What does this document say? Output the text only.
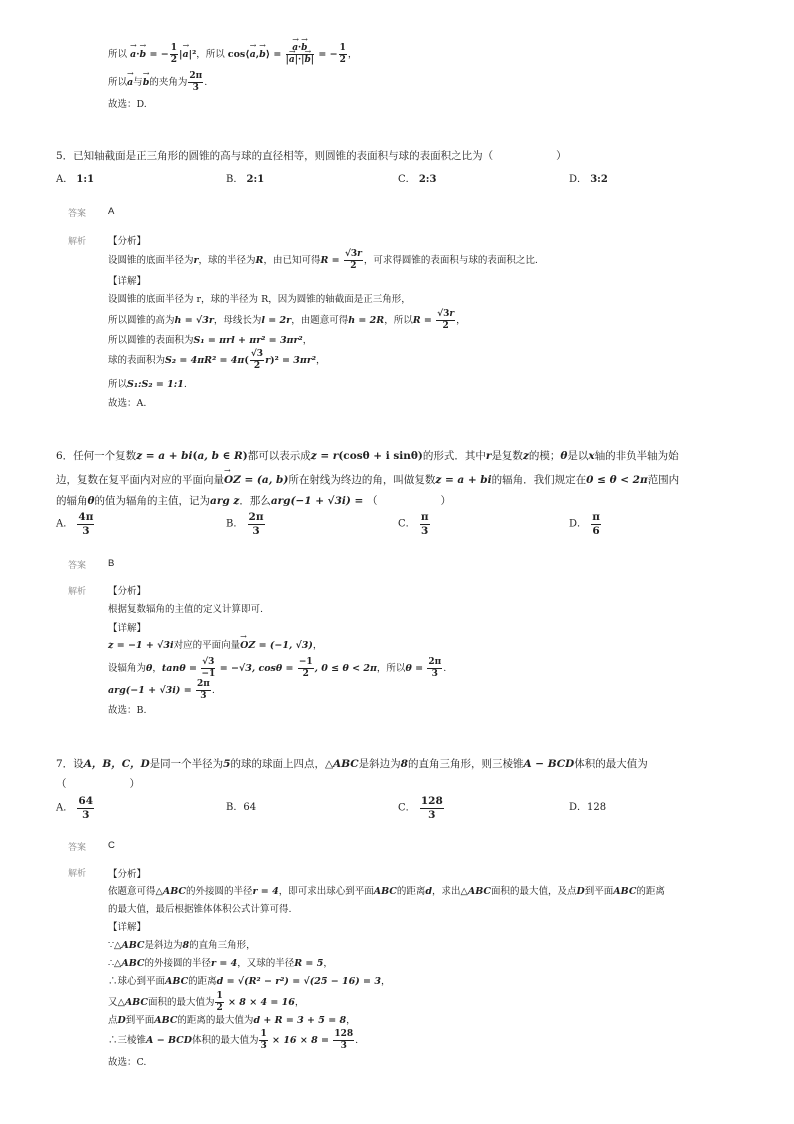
所以 → a·→ b = − $\frac{1}{2}$ |→ a|²，所以 cos⟨→ a,→ b⟩ = → $\frac{a\cdot\to b}{|\to a|\cdot|\to b|}$ = − $\frac{1}{2}$ ，
所以→ a与→ b的夹角为 $\frac{2\pi}{3}$ .
故选：D.
5．已知轴截面是正三角形的圆锥的高与球的直径相等，则圆锥的表面积与球的表面积之比为（　　　　　　）
A． 1:1	B． 2:1	C． 2:3	D． 3:2
答案 A
解析 【分析】
设圆锥的底面半径为r，球的半径为R，由已知可得$R = \frac{√3r}{2}$ ，可求得圆锥的表面积与球的表面积之比.
【详解】
设圆锥的底面半径为 r，球的半径为 R，因为圆锥的轴截面是正三角形，
所以圆锥的高为h = √3r，母线长为l = 2r，由题意可得h = 2R，所以$R = \frac{√3r}{2}$ ，
所以圆锥的表面积为S₁ = πrl + πr² = 3πr²，
球的表面积为$S_2 = 4\pi R^2 = 4\pi( \frac{√3}{2} r)^2 = 3\pi r^2$，
所以S₁:S₂ = 1:1.
故选：A.
6．任何一个复数z = a + bi(a, b ∈ R)都可以表示成z = r(cosθ + i sinθ)的形式．其中r是复数z的模；θ是以x轴的非负半轴为始
边，复数在复平面内对应的平面向量→ OZ = (a, b)所在射线为终边的角，叫做复数z = a + bi的辐角．我们规定在0 ≤ θ < 2π范围内
的辐角θ的值为辐角的主值，记为arg z．那么arg(−1 + √3i) = （　　　　　　）
A． $\frac{4\pi}{3}$	B． $\frac{2\pi}{3}$	C． $\frac{\pi}{3}$	D． $\frac{\pi}{6}$
答案 B
解析 【分析】
根据复数辐角的主值的定义计算即可.
【详解】
z = −1 + √3i对应的平面向量→ OZ = (−1, √3)，
设辐角为θ，$\tan\theta = \frac{√3}{-1} = -√3$, $\cos\theta = \frac{-1}{2}$ , 0 ≤ θ < 2π，所以$\theta = \frac{2\pi}{3}$ .
$arg(-1 + √3i) = \frac{2\pi}{3}$ .
故选：B.
7．设A，B，C，D是同一个半径为5的球的球面上四点，△ABC是斜边为8的直角三角形，则三棱锥A − BCD体积的最大值为
（　　　　　　）
A． $\frac{64}{3}$	B．64	C． $\frac{128}{3}$	D．128
答案 C
解析 【分析】
依题意可得△ABC的外接圆的半径r = 4，即可求出球心到平面ABC的距离d，求出△ABC面积的最大值，及点D到平面ABC的距离
的最大值，最后根据锥体体积公式计算可得.
【详解】
∵△ABC是斜边为8的直角三角形，
∴△ABC的外接圆的半径r = 4，又球的半径R = 5，
∴球心到平面ABC的距离d = √(R² − r²) = √(25 − 16) = 3，
又△ABC面积的最大值为 $\frac{1}{2} \times 8 \times 4 = 16$，
点D到平面ABC的距离的最大值为d + R = 3 + 5 = 8，
∴三棱锥A − BCD体积的最大值为 $\frac{1}{3} \times 16 \times 8 = \frac{128}{3}$ .
故选：C.
